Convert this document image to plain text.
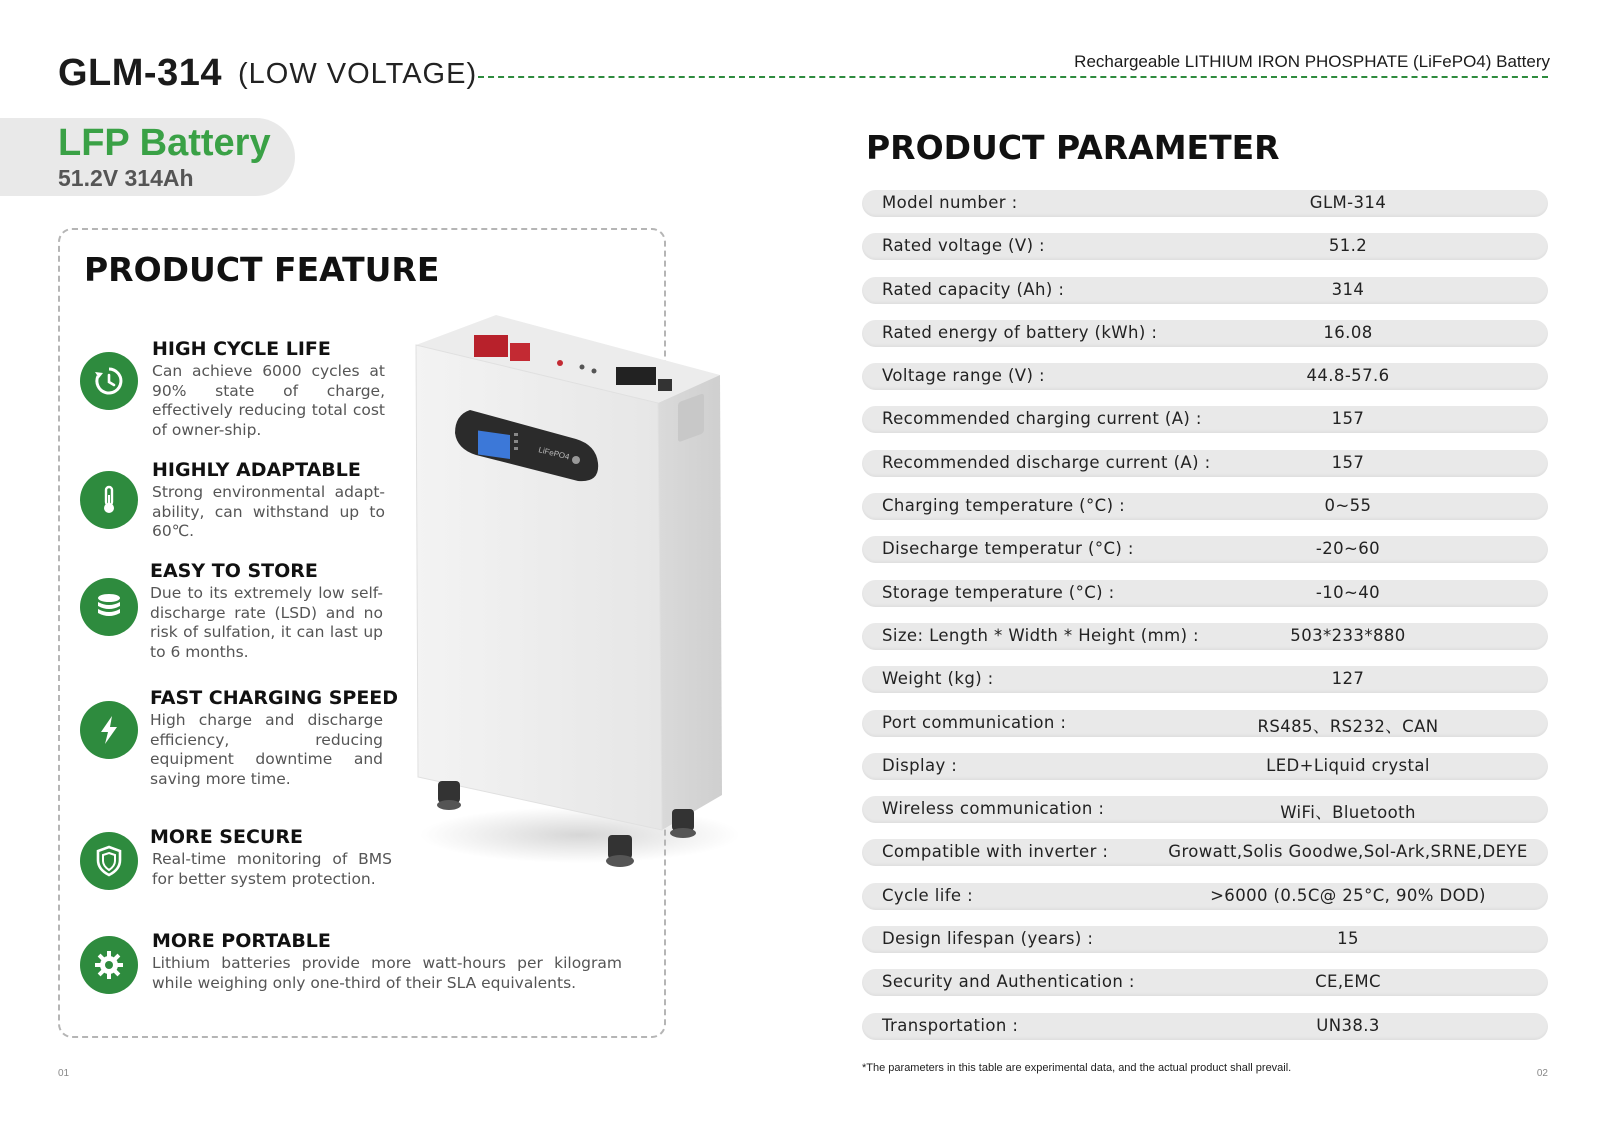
GLM-314 (LOW VOLTAGE)	Rechargeable LITHIUM IRON PHOSPHATE (LiFePO4) Battery
LFP Battery
51.2V 314Ah
PRODUCT FEATURE
HIGH CYCLE LIFE
Can achieve 6000 cycles at 90% state of charge, effectively reducing total cost of owner-ship.
HIGHLY ADAPTABLE
Strong environmental adapt-ability, can withstand up to 60℃.
EASY TO STORE
Due to its extremely low self-discharge rate (LSD) and no risk of sulfation, it can last up to 6 months.
FAST CHARGING SPEED
High charge and discharge efficiency, reducing equipment downtime and saving more time.
MORE SECURE
Real-time monitoring of BMS for better system protection.
MORE PORTABLE
Lithium batteries provide more watt-hours per kilogram while weighing only one-third of their SLA equivalents.
LiFePO4
PRODUCT PARAMETER
Model number :	GLM-314
Rated voltage (V) :	51.2
Rated capacity (Ah) :	314
Rated energy of battery (kWh) :	16.08
Voltage range (V) :	44.8-57.6
Recommended charging current (A) :	157
Recommended discharge current (A) :	157
Charging temperature (°C) :	0~55
Disecharge temperatur (°C) :	-20~60
Storage temperature (°C) :	-10~40
Size: Length * Width * Height (mm) :	503*233*880
Weight (kg) :	127
Port communication :	RS485、RS232、CAN
Display :	LED+Liquid crystal
Wireless communication :	WiFi、Bluetooth
Compatible with inverter :	Growatt,Solis Goodwe,Sol-Ark,SRNE,DEYE
Cycle life :	>6000 (0.5C@ 25°C, 90% DOD)
Design lifespan (years) :	15
Security and Authentication :	CE,EMC
Transportation :	UN38.3
*The parameters in this table are experimental data, and the actual product shall prevail.
01	02
